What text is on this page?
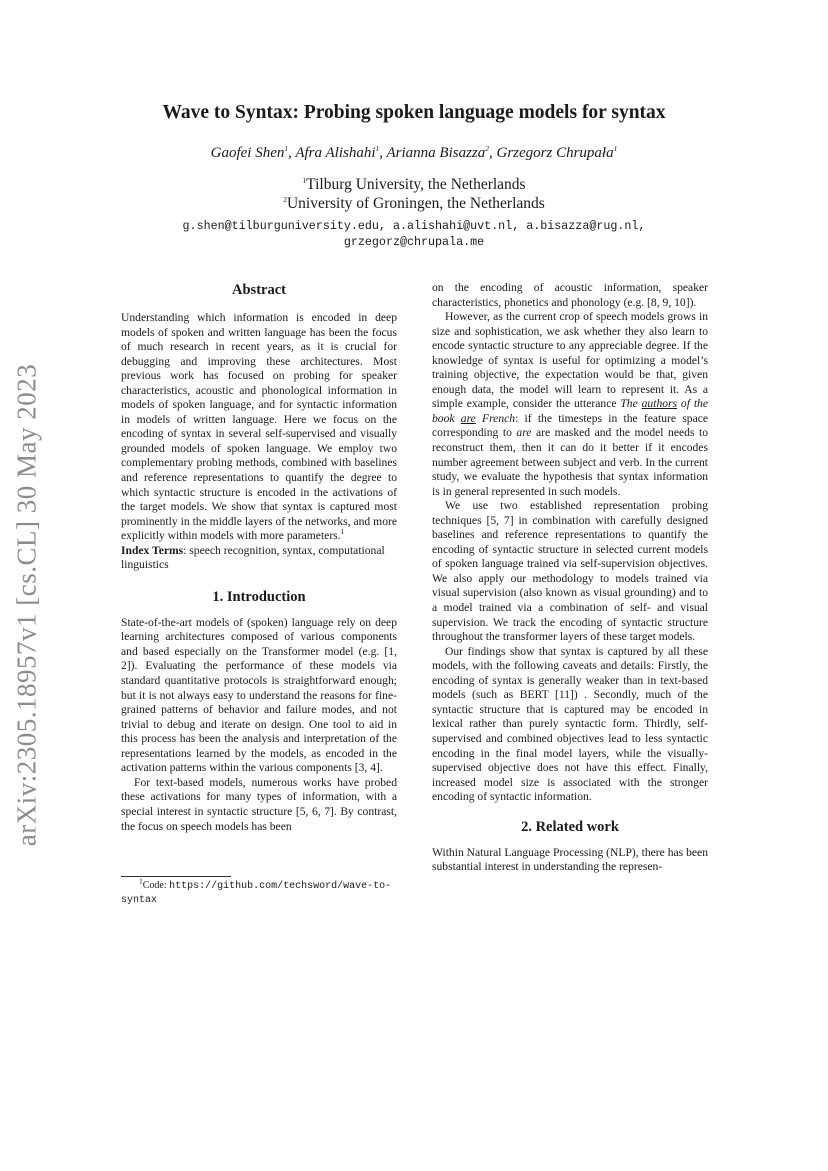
arXiv:2305.18957v1 [cs.CL] 30 May 2023
Wave to Syntax: Probing spoken language models for syntax
Gaofei Shen$^1$, Afra Alishahi$^1$, Arianna Bisazza$^2$, Grzegorz Chrupała$^1$
$^1$Tilburg University, the Netherlands
$^2$University of Groningen, the Netherlands
g.shen@tilburguniversity.edu, a.alishahi@uvt.nl, a.bisazza@rug.nl,
grzegorz@chrupala.me
Abstract

Understanding which information is encoded in deep models of spoken and written language has been the focus of much research in recent years, as it is crucial for debugging and improving these architectures. Most previous work has focused on probing for speaker characteristics, acoustic and phonological information in models of spoken language, and for syntactic information in models of written language. Here we focus on the encoding of syntax in several self-supervised and visually grounded models of spoken language. We employ two complementary probing methods, combined with baselines and reference representations to quantify the degree to which syntactic structure is encoded in the activations of the target models. We show that syntax is captured most prominently in the middle layers of the networks, and more explicitly within models with more parameters.$^1$

Index Terms: speech recognition, syntax, computational linguistics

1. Introduction

State-of-the-art models of (spoken) language rely on deep learning architectures composed of various components and based especially on the Transformer model (e.g. [1, 2]). Evaluating the performance of these models via standard quantitative protocols is straightforward enough; but it is not always easy to understand the reasons for fine-grained patterns of behavior and failure modes, and not trivial to debug and iterate on design. One tool to aid in this process has been the analysis and interpretation of the representations learned by the models, as encoded in the activation patterns within the various components [3, 4].

For text-based models, numerous works have probed these activations for many types of information, with a special interest in syntactic structure [5, 6, 7]. By contrast, the focus on speech models has been

$^1$Code: https://github.com/techsword/wave-to-syntax

on the encoding of acoustic information, speaker characteristics, phonetics and phonology (e.g. [8, 9, 10]).

However, as the current crop of speech models grows in size and sophistication, we ask whether they also learn to encode syntactic structure to any appreciable degree. If the knowledge of syntax is useful for optimizing a model’s training objective, the expectation would be that, given enough data, the model will learn to represent it. As a simple example, consider the utterance The authors of the book are French: if the timesteps in the feature space corresponding to are are masked and the model needs to reconstruct them, then it can do it better if it encodes number agreement between subject and verb. In the current study, we evaluate the hypothesis that syntax information is in general represented in such models.

We use two established representation probing techniques [5, 7] in combination with carefully designed baselines and reference representations to quantify the encoding of syntactic structure in selected current models of spoken language trained via self-supervision objectives. We also apply our methodology to models trained via visual supervision (also known as visual grounding) and to a model trained via a combination of self- and visual supervision. We track the encoding of syntactic structure throughout the transformer layers of these target models.

Our findings show that syntax is captured by all these models, with the following caveats and details: Firstly, the encoding of syntax is generally weaker than in text-based models (such as BERT [11]) . Secondly, much of the syntactic structure that is captured may be encoded in lexical rather than purely syntactic form. Thirdly, self-supervised and combined objectives lead to less syntactic encoding in the final model layers, while the visually-supervised objective does not have this effect. Finally, increased model size is associated with the stronger encoding of syntactic information.

2. Related work

Within Natural Language Processing (NLP), there has been substantial interest in understanding the represen-
